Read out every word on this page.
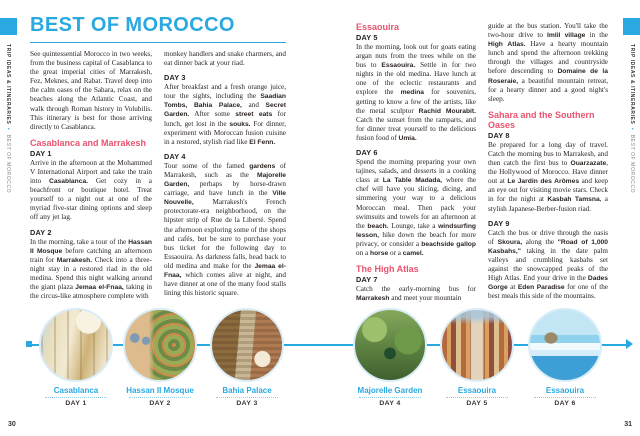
TRIP IDEAS & ITINERARIES • BEST OF MOROCCO
TRIP IDEAS & ITINERARIES • BEST OF MOROCCO
BEST OF MOROCCO

See quintessential Morocco in two weeks, from the business capital of Casablanca to the great imperial cities of Marrakesh, Fez, Meknes, and Rabat. Travel deep into the calm oases of the Sahara, relax on the beaches along the Atlantic Coast, and walk through Roman history in Volubilis. This itinerary is best for those arriving directly to Casablanca.

Casablanca and Marrakesh
DAY 1

Arrive in the afternoon at the Mohammed V International Airport and take the train into Casablanca. Get cozy in a beachfront or boutique hotel. Treat yourself to a night out at one of the myriad five-star dining options and sleep off any jet lag.

DAY 2

In the morning, take a tour of the Hassan II Mosque before catching an afternoon train for Marrakesh. Check into a three-night stay in a restored riad in the old medina. Spend this night walking around the giant plaza Jemaa el-Fnaa, taking in the circus-like atmosphere complete with

monkey handlers and snake charmers, and eat dinner back at your riad.

DAY 3

After breakfast and a fresh orange juice, tour the sights, including the Saadian Tombs, Bahia Palace, and Secret Garden. After some street eats for lunch, get lost in the souks. For dinner, experiment with Moroccan fusion cuisine in a restored, stylish riad like El Fenn.

DAY 4

Tour some of the famed gardens of Marrakesh, such as the Majorelle Garden, perhaps by horse-drawn carriage, and have lunch in the Ville Nouvelle, Marrakesh's French protectorate-era neighborhood, on the hipster strip of Rue de la Liberté. Spend the afternoon exploring some of the shops and cafés, but be sure to purchase your bus ticket for the following day to Essaouira. As darkness falls, head back to old medina and make for the Jemaa el-Fnaa, which comes alive at night, and have dinner at one of the many food stalls lining this historic square.

Essaouira
DAY 5

In the morning, look out for goats eating argan nuts from the trees while on the bus to Essaouira. Settle in for two nights in the old medina. Have lunch at one of the eclectic restaurants and explore the medina for souvenirs, getting to know a few of the artists, like the metal sculptor Rachid Mourabit. Catch the sunset from the ramparts, and for dinner treat yourself to the delicious fusion food of Umia.

DAY 6

Spend the morning preparing your own tajines, salads, and desserts in a cooking class at La Table Madada, where the chef will have you slicing, dicing, and simmering your way to a delicious Moroccan meal. Then pack your swimsuits and towels for an afternoon at the beach. Lounge, take a windsurfing lesson, hike down the beach for more privacy, or consider a beachside gallop on a horse or a camel.

The High Atlas
DAY 7

Catch the early-morning bus for Marrakesh and meet your mountain

guide at the bus station. You'll take the two-hour drive to Imlil village in the High Atlas. Have a hearty mountain lunch and spend the afternoon trekking through the villages and countryside before descending to Domaine de la Roseraie, a beautiful mountain retreat, for a hearty dinner and a good night's sleep.

Sahara and the Southern Oases
DAY 8

Be prepared for a long day of travel. Catch the morning bus to Marrakesh, and then catch the first bus to Ouarzazate, the Hollywood of Morocco. Have dinner out at Le Jardin des Arômes and keep an eye out for visiting movie stars. Check in for the night at Kasbah Tamsna, a stylish Japanese-Berber-fusion riad.

DAY 9

Catch the bus or drive through the oasis of Skoura, along the "Road of 1,000 Kasbahs," taking in the date palm valleys and crumbling kasbahs set against the snowcapped peaks of the High Atlas. End your drive in the Dades Gorge at Eden Paradise for one of the best meals this side of the mountains.

Casablanca
DAY 1
Hassan II Mosque
DAY 2
Bahia Palace
DAY 3
Majorelle Garden
DAY 4
Essaouira
DAY 5
Essaouira
DAY 6
30	31
